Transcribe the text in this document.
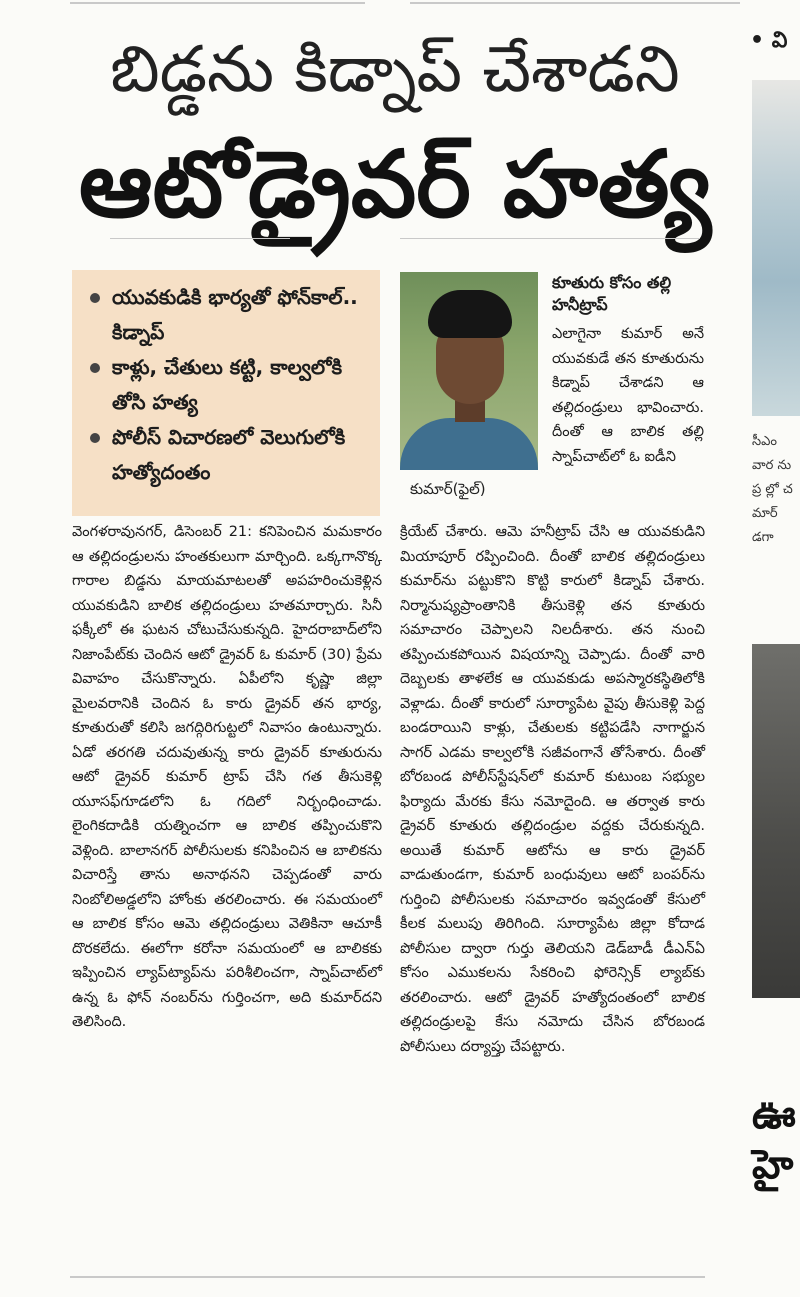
బిడ్డను కిడ్నాప్ చేశాడని
ఆటోడ్రైవర్ హత్య
యువకుడికి భార్యతో ఫోన్‌కాల్.. కిడ్నాప్
కాళ్లు, చేతులు కట్టి, కాల్వలోకి తోసి హత్య
పోలీస్ విచారణలో వెలుగులోకి హత్యోదంతం
కుమార్(ఫైల్)
కూతురు కోసం తల్లి హనీట్రాప్

ఎలాగైనా కుమార్ అనే యువకుడే తన కూతురును కిడ్నాప్ చేశాడని ఆ తల్లిదండ్రులు భావించారు. దీంతో ఆ బాలిక తల్లి స్నాప్‌చాట్‌లో ఓ ఐడీని

వెంగళరావునగర్, డిసెంబర్ 21: కనిపెంచిన మమకారం ఆ తల్లిదండ్రులను హంతకులుగా మార్చింది. ఒక్కగానొక్క గారాల బిడ్డను మాయమాటలతో అపహరించుకెళ్లిన యువకుడిని బాలిక తల్లిదండ్రులు హతమార్చారు. సినీ ఫక్కీలో ఈ ఘటన చోటుచేసుకున్నది. హైదరాబాద్‌లోని నిజాంపేట్‌కు చెందిన ఆటో డ్రైవర్ ఓ కుమార్ (30) ప్రేమ వివాహం చేసుకొన్నారు. ఏపీలోని కృష్ణా జిల్లా మైలవరానికి చెందిన ఓ కారు డ్రైవర్ తన భార్య, కూతురుతో కలిసి జగద్గిరిగుట్టలో నివాసం ఉంటున్నారు. ఏడో తరగతి చదువుతున్న కారు డ్రైవర్ కూతురును ఆటో డ్రైవర్ కుమార్ ట్రాప్ చేసి గత తీసుకెళ్లి యూసఫ్‌గూడలోని ఓ గదిలో నిర్బంధించాడు. లైంగికదాడికి యత్నించగా ఆ బాలిక తప్పించుకొని వెళ్లింది. బాలానగర్ పోలీసులకు కనిపించిన ఆ బాలికను విచారిస్తే తాను అనాథనని చెప్పడంతో వారు నింబోలిఅడ్డలోని హోంకు తరలించారు. ఈ సమయంలో ఆ బాలిక కోసం ఆమె తల్లిదండ్రులు వెతికినా ఆచూకీ దొరకలేదు. ఈలోగా కరోనా సమయంలో ఆ బాలికకు ఇప్పించిన ల్యాప్‌ట్యాప్‌ను పరిశీలించగా, స్నాప్‌చాట్‌లో ఉన్న ఓ ఫోన్ నంబర్‌ను గుర్తించగా, అది కుమార్‌దని తెలిసింది.

క్రియేట్ చేశారు. ఆమె హనీట్రాప్ చేసి ఆ యువకుడిని మియాపూర్ రప్పించింది. దీంతో బాలిక తల్లిదండ్రులు కుమార్‌ను పట్టుకొని కొట్టి కారులో కిడ్నాప్ చేశారు. నిర్మానుష్యప్రాంతానికి తీసుకెళ్లి తన కూతురు సమాచారం చెప్పాలని నిలదీశారు. తన నుంచి తప్పించుకపోయిన విషయాన్ని చెప్పాడు. దీంతో వారి దెబ్బలకు తాళలేక ఆ యువకుడు అపస్మారకస్థితిలోకి వెళ్లాడు. దీంతో కారులో సూర్యాపేట వైపు తీసుకెళ్లి పెద్ద బండరాయిని కాళ్లు, చేతులకు కట్టిపడేసి నాగార్జున సాగర్ ఎడమ కాల్వలోకి సజీవంగానే తోసేశారు. దీంతో బోరబండ పోలీస్‌స్టేషన్‌లో కుమార్ కుటుంబ సభ్యుల ఫిర్యాదు మేరకు కేసు నమోదైంది. ఆ తర్వాత కారు డ్రైవర్ కూతురు తల్లిదండ్రుల వద్దకు చేరుకున్నది. అయితే కుమార్ ఆటోను ఆ కారు డ్రైవర్ వాడుతుండగా, కుమార్ బంధువులు ఆటో బంపర్‌ను గుర్తించి పోలీసులకు సమాచారం ఇవ్వడంతో కేసులో కీలక మలుపు తిరిగింది. సూర్యాపేట జిల్లా కోదాడ పోలీసుల ద్వారా గుర్తు తెలియని డెడ్‌బాడీ డీఎన్ఏ కోసం ఎముకలను సేకరించి ఫోరెన్సిక్ ల్యాబ్‌కు తరలించారు. ఆటో డ్రైవర్ హత్యోదంతంలో బాలిక తల్లిదండ్రులపై కేసు నమోదు చేసిన బోరబండ పోలీసులు దర్యాప్తు చేపట్టారు.

• వి
సీఎం వార ను ప్ర ల్లో చ మార్ డగా
ఊ హై
